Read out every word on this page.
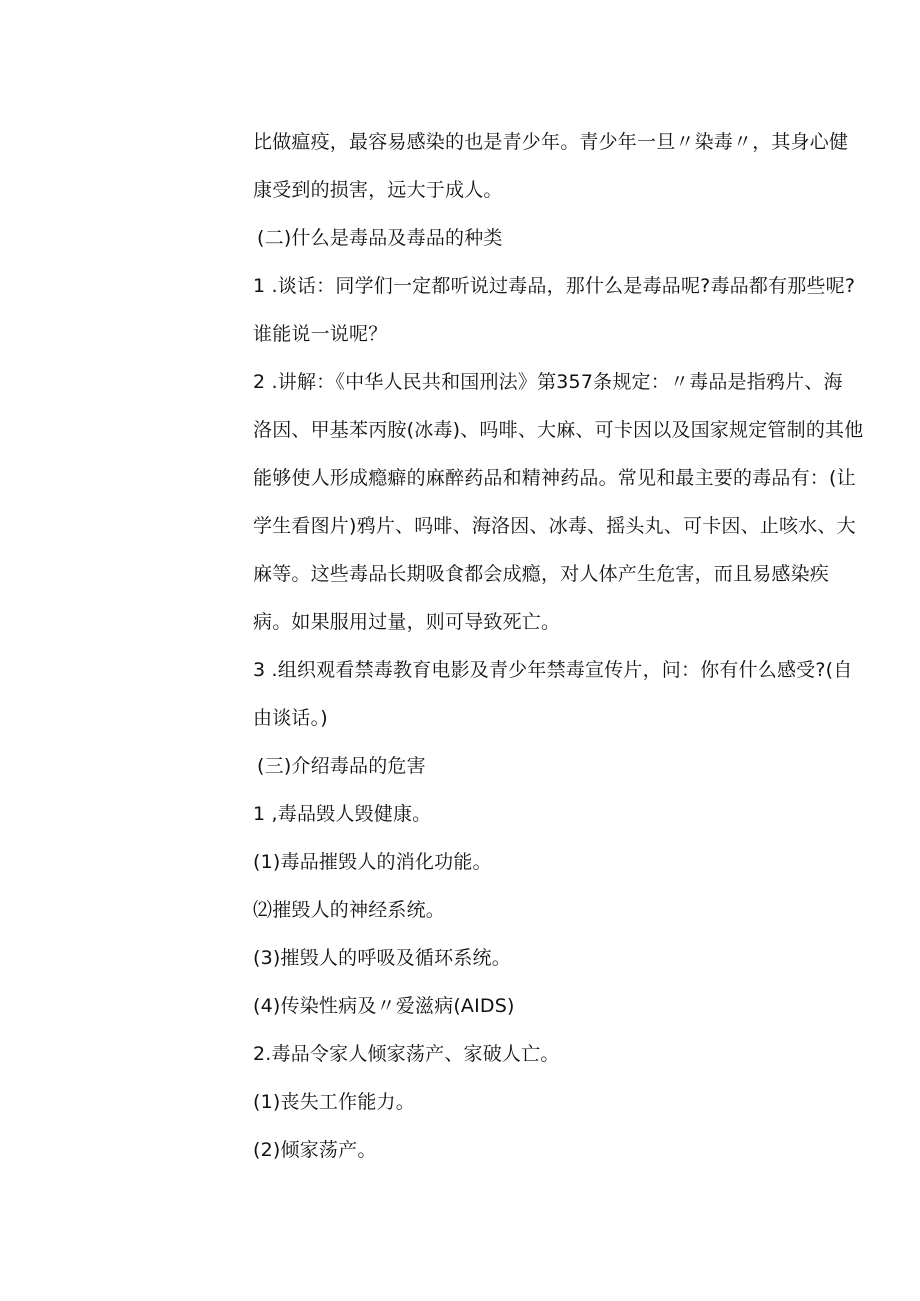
比做瘟疫，最容易感染的也是青少年。青少年一旦〃染毒〃，其身心健
康受到的损害，远大于成人。
(二)什么是毒品及毒品的种类
1 .谈话：同学们一定都听说过毒品，那什么是毒品呢?毒品都有那些呢?
谁能说一说呢？
2 .讲解：《中华人民共和国刑法》第357条规定：〃毒品是指鸦片、海
洛因、甲基苯丙胺(冰毒)、吗啡、大麻、可卡因以及国家规定管制的其他
能够使人形成瘾癖的麻醉药品和精神药品。常见和最主要的毒品有：(让
学生看图片)鸦片、吗啡、海洛因、冰毒、摇头丸、可卡因、止咳水、大
麻等。这些毒品长期吸食都会成瘾，对人体产生危害，而且易感染疾
病。如果服用过量，则可导致死亡。
3 .组织观看禁毒教育电影及青少年禁毒宣传片，问：你有什么感受?(自
由谈话。)
(三)介绍毒品的危害
1 ,毒品毁人毁健康。
(1)毒品摧毁人的消化功能。
⑵摧毁人的神经系统。
(3)摧毁人的呼吸及循环系统。
(4)传染性病及〃爱滋病(AIDS)
2.毒品令家人倾家荡产、家破人亡。
(1)丧失工作能力。
(2)倾家荡产。
